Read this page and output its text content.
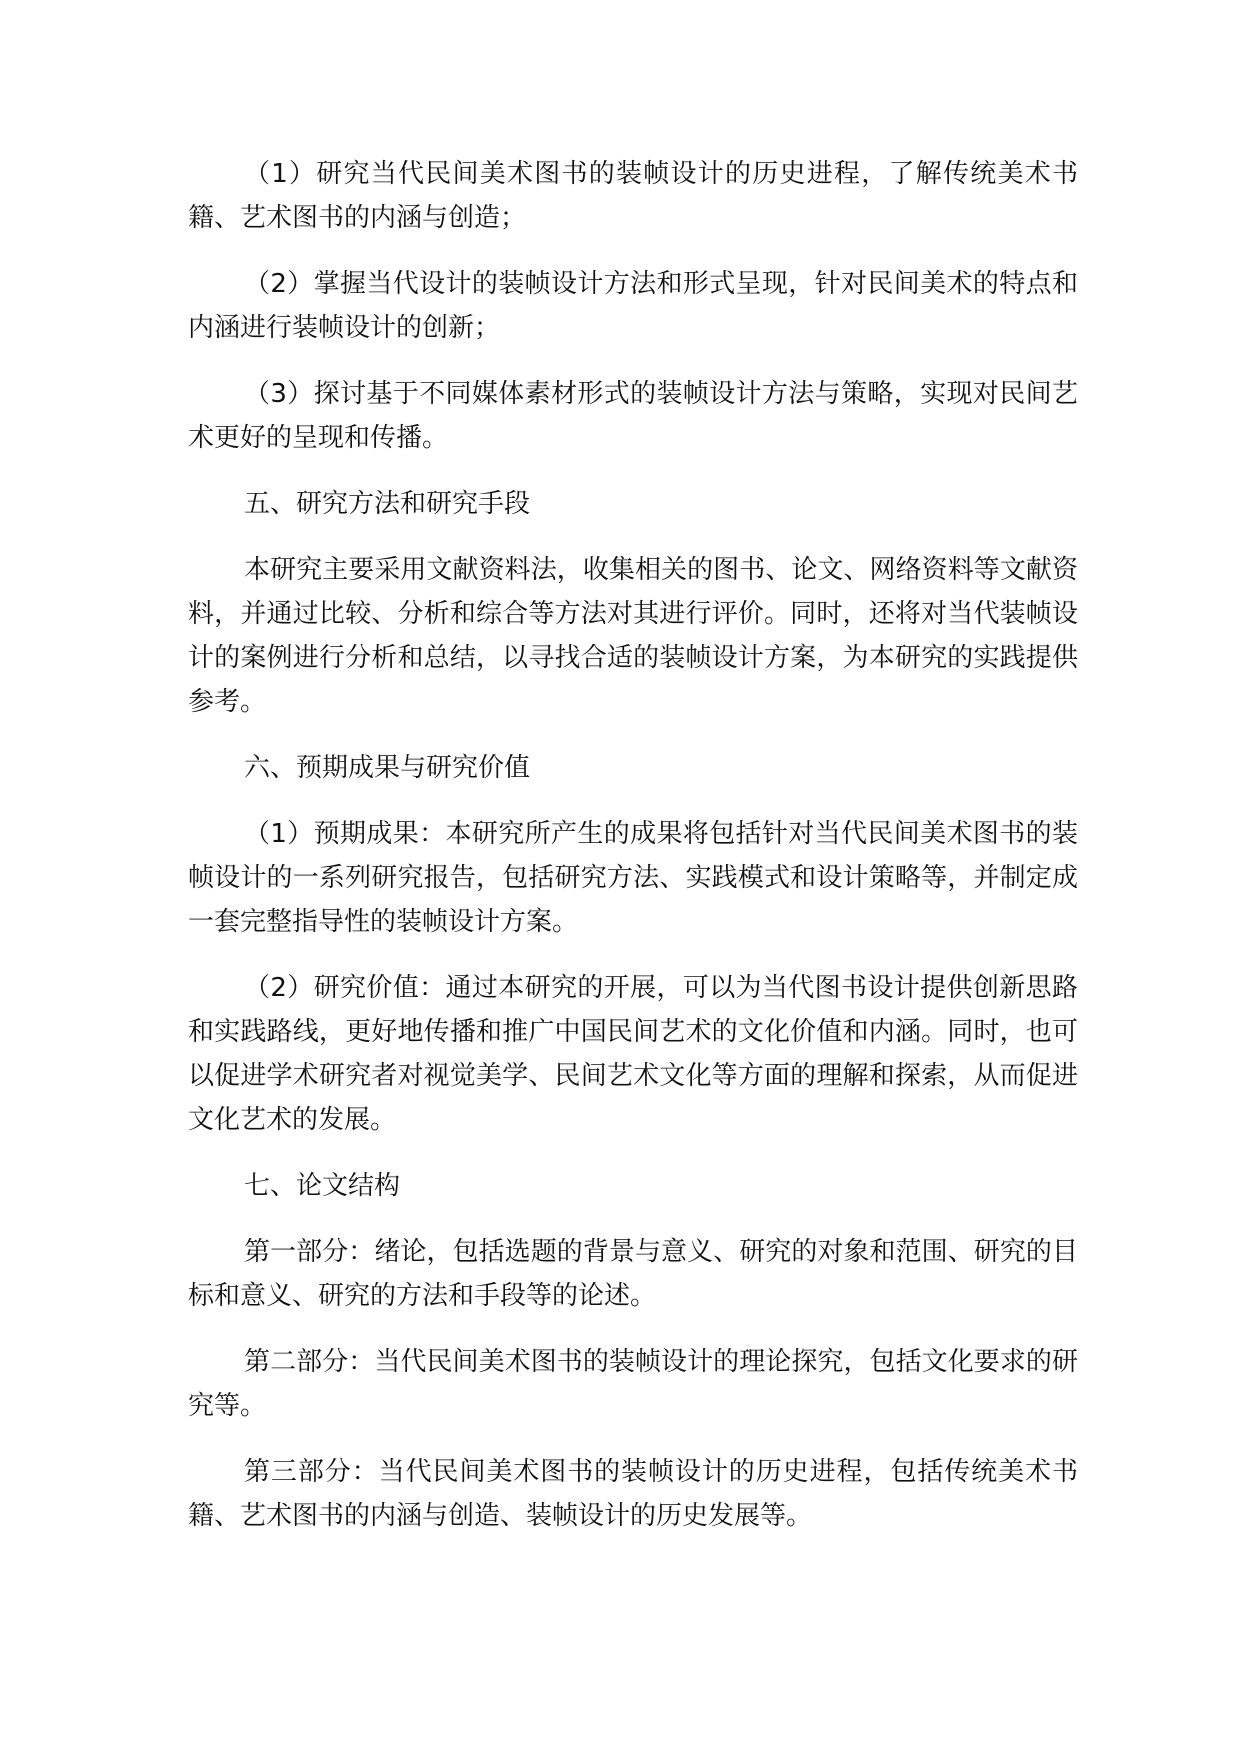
（1）研究当代民间美术图书的装帧设计的历史进程，了解传统美术书籍、艺术图书的内涵与创造；

（2）掌握当代设计的装帧设计方法和形式呈现，针对民间美术的特点和内涵进行装帧设计的创新；

（3）探讨基于不同媒体素材形式的装帧设计方法与策略，实现对民间艺术更好的呈现和传播。

五、研究方法和研究手段

本研究主要采用文献资料法，收集相关的图书、论文、网络资料等文献资料，并通过比较、分析和综合等方法对其进行评价。同时，还将对当代装帧设计的案例进行分析和总结，以寻找合适的装帧设计方案，为本研究的实践提供参考。

六、预期成果与研究价值

（1）预期成果：本研究所产生的成果将包括针对当代民间美术图书的装帧设计的一系列研究报告，包括研究方法、实践模式和设计策略等，并制定成一套完整指导性的装帧设计方案。

（2）研究价值：通过本研究的开展，可以为当代图书设计提供创新思路和实践路线，更好地传播和推广中国民间艺术的文化价值和内涵。同时，也可以促进学术研究者对视觉美学、民间艺术文化等方面的理解和探索，从而促进文化艺术的发展。

七、论文结构

第一部分：绪论，包括选题的背景与意义、研究的对象和范围、研究的目标和意义、研究的方法和手段等的论述。

第二部分：当代民间美术图书的装帧设计的理论探究，包括文化要求的研究等。

第三部分：当代民间美术图书的装帧设计的历史进程，包括传统美术书籍、艺术图书的内涵与创造、装帧设计的历史发展等。
